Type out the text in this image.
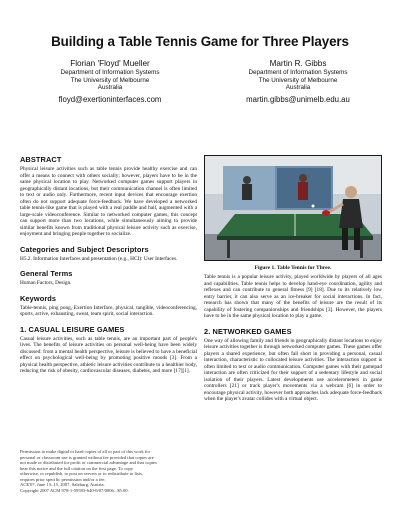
Building a Table Tennis Game for Three Players
Florian 'Floyd' Mueller
Department of Information Systems
The University of Melbourne
Australia
floyd@exertioninterfaces.com
Martin R. Gibbs
Department of Information Systems
The University of Melbourne
Australia
martin.gibbs@unimelb.edu.au
ABSTRACT

Physical leisure activities such as table tennis provide healthy exercise and can offer a means to connect with others socially; however, players have to be in the same physical location to play. Networked computer games support players in geographically distant locations, but their communication channel is often limited to text or audio only. Furthermore, recent input devices that encourage exertion often do not support adequate force-feedback. We have developed a networked table tennis-like game that is played with a real paddle and ball, augmented with a large-scale videoconference. Similar to networked computer games, this concept can support more than two locations, while simultaneously aiming to provide similar benefits known from traditional physical leisure activity such as exercise, enjoyment and bringing people together to socialize.

Categories and Subject Descriptors

H5.2. Information Interfaces and presentation (e.g., HCI): User Interfaces.

General Terms

Human Factors, Design.

Keywords

Table-tennis, ping pong, Exertion Interface, physical, tangible, videoconferencing, sports, active, exhausting, sweat, team spirit, social interaction.

1. CASUAL LEISURE GAMES

Casual leisure activities, such as table tennis, are an important part of people's lives. The benefits of leisure activities on personal well-being have been widely discussed: from a mental health perspective, leisure is believed to have a beneficial effect on psychological well-being by promoting positive moods [3]. From a physical health perspective, athletic leisure activities contribute to a healthier body, reducing the risk of obesity, cardiovascular diseases, diabetes, and more [17][1].

Permission to make digital or hard copies of all or part of this work for
personal or classroom use is granted without fee provided that copies are
not made or distributed for profit or commercial advantage and that copies
bear this notice and the full citation on the first page. To copy
otherwise, or republish, to post on servers or to redistribute to lists,
requires prior specific permission and/or a fee.
ACE'07, June 13–15, 2007, Salzburg, Austria.
Copyright 2007 ACM 978-1-59593-640-0/07/0006...$5.00.
Figure 1. Table Tennis for Three.

Table tennis is a popular leisure activity, played worldwide by players of all ages and capabilities. Table tennis helps to develop hand-eye coordination, agility and reflexes and can contribute to general fitness [9] [18]. Due to its relatively low entry barrier, it can also serve as an ice-breaker for social interactions. In fact, research has shown that many of the benefits of leisure are the result of its capability of fostering companionships and friendships [3]. However, the players have to be in the same physical location to play a game.

2. NETWORKED GAMES

One way of allowing family and friends in geographically distant locations to enjoy leisure activities together is through networked computer games. These games offer players a shared experience, but often fall short in providing a personal, casual interaction, characteristic to collocated leisure activities. The interaction support is often limited to text or audio communication. Computer games with their gamepad interaction are often criticized for their support of a sedentary lifestyle and social isolation of their players. Latest developments use accelerometers in game controllers [21] or track player's movements via a webcam [6] in order to encourage physical activity, however both approaches lack adequate force-feedback when the player's avatar collides with a virtual object.
